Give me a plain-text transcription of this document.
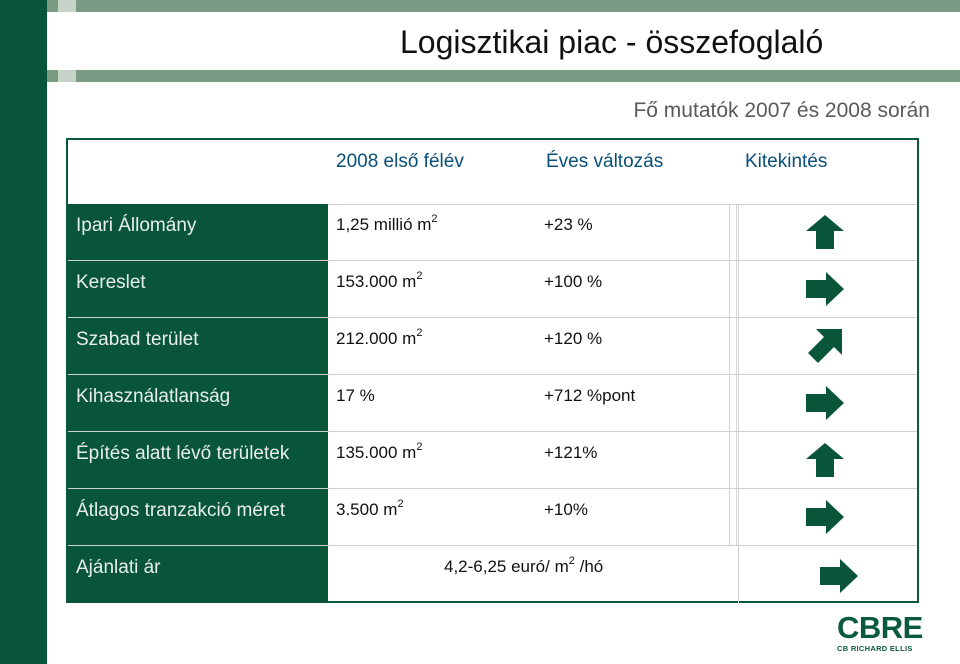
Logisztikai piac - összefoglaló
Fő mutatók 2007 és 2008 során
2008 első félév	Éves változás	Kitekintés
Ipari Állomány	1,25 millió $m^2$	+23 %
Kereslet	153.000 $m^2$	+100 %
Szabad terület	212.000 $m^2$	+120 %
Kihasználatlanság	17 %	+712 %pont
Építés alatt lévő területek	135.000 $m^2$	+121%
Átlagos tranzakció méret	3.500 $m^2$	+10%
Ajánlati ár	4,2-6,25 euró/ $m^2$ /hó
CBRE
CB RICHARD ELLIS
